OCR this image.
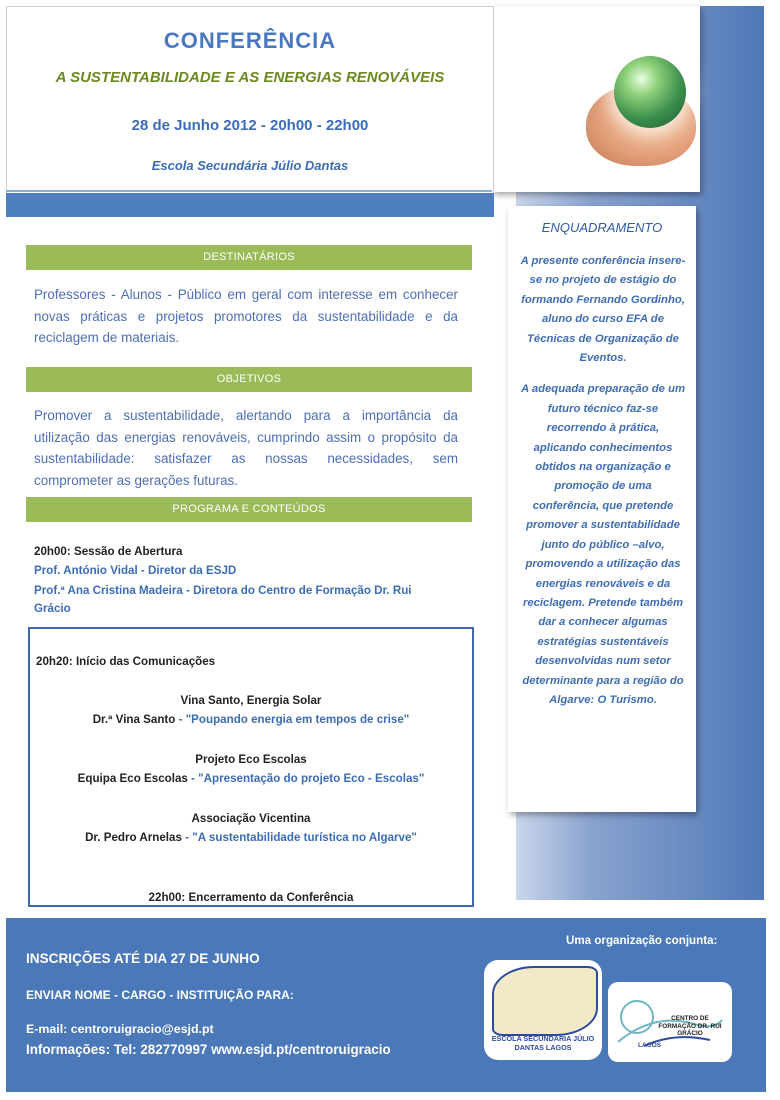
ENQUADRAMENTO

A presente conferência insere-se no projeto de estágio do formando Fernando Gordinho, aluno do curso EFA de Técnicas de Organização de Eventos.

A adequada preparação de um futuro técnico faz-se recorrendo à prática, aplicando conhecimentos obtidos na organização e promoção de uma conferência, que pretende promover a sustentabilidade junto do público –alvo, promovendo a utilização das energias renováveis e da reciclagem. Pretende também dar a conhecer algumas estratégias sustentáveis desenvolvidas num setor determinante para a região do Algarve: O Turismo.

CONFERÊNCIA
A SUSTENTABILIDADE E AS ENERGIAS RENOVÁVEIS
28 de Junho 2012 - 20h00 - 22h00
Escola Secundária Júlio Dantas
DESTINATÁRIOS
Professores - Alunos - Público em geral com interesse em conhecer novas práticas e projetos promotores da sustentabilidade e da reciclagem de materiais.
OBJETIVOS
Promover a sustentabilidade, alertando para a importância da utilização das energias renováveis, cumprindo assim o propósito da sustentabilidade: satisfazer as nossas necessidades, sem comprometer as gerações futuras.
PROGRAMA E CONTEÚDOS
20h00: Sessão de Abertura
Prof. António Vidal - Diretor da ESJD
Prof.ª Ana Cristina Madeira - Diretora do Centro de Formação Dr. Rui
Grácio
20h20: Início das Comunicações
Vina Santo, Energia Solar
Dr.ª Vina Santo - "Poupando energia em tempos de crise"
Projeto Eco Escolas
Equipa Eco Escolas - "Apresentação do projeto Eco - Escolas"
Associação Vicentina
Dr. Pedro Arnelas - "A sustentabilidade turística no Algarve"
22h00: Encerramento da Conferência
Uma organização conjunta:
INSCRIÇÕES ATÉ DIA 27 DE JUNHO
ENVIAR NOME - CARGO - INSTITUIÇÃO PARA:
E-mail: centroruigracio@esjd.pt
Informações: Tel: 282770997 www.esjd.pt/centroruigracio
ESCOLA SECUNDÁRIA JÚLIO DANTAS LAGOS
CENTRO DE FORMAÇÃO DR. RUI GRÁCIO
LAGOS
